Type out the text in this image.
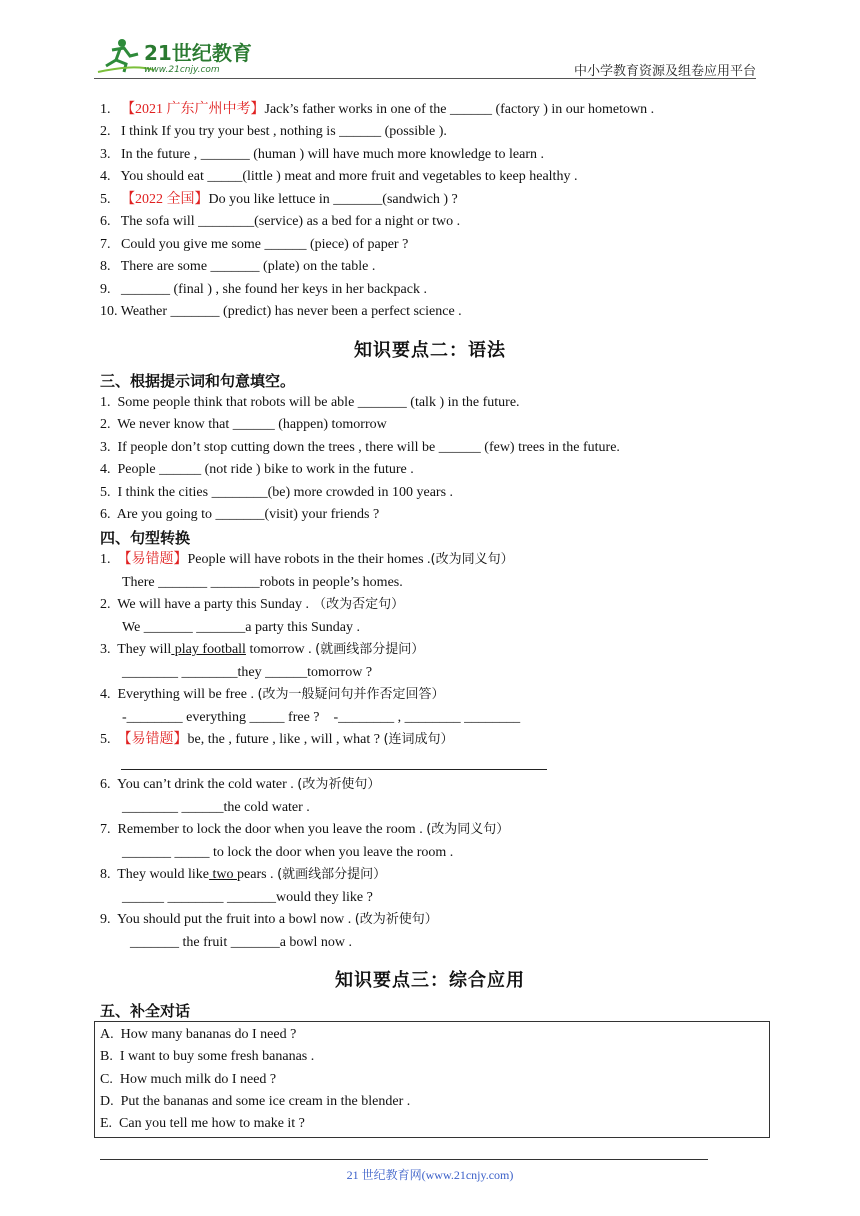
21世纪教育
www.21cnjy.com	中小学教育资源及组卷应用平台
1. 【2021 广东广州中考】Jack’s father works in one of the ______ (factory ) in our hometown .
2. I think If you try your best , nothing is ______ (possible ).
3. In the future , _______ (human ) will have much more knowledge to learn .
4. You should eat _____(little ) meat and more fruit and vegetables to keep healthy .
5. 【2022 全国】Do you like lettuce in _______(sandwich ) ?
6. The sofa will ________(service) as a bed for a night or two .
7. Could you give me some ______ (piece) of paper ?
8. There are some _______ (plate) on the table .
9. _______ (final ) , she found her keys in her backpack .
10. Weather _______ (predict) has never been a perfect science .
知识要点二：语法
三、根据提示词和句意填空。
1. Some people think that robots will be able _______ (talk ) in the future.
2. We never know that ______ (happen) tomorrow
3. If people don’t stop cutting down the trees , there will be ______ (few) trees in the future.
4. People ______ (not ride ) bike to work in the future .
5. I think the cities ________(be) more crowded in 100 years .
6. Are you going to _______(visit) your friends ?
四、句型转换
1. 【易错题】People will have robots in the their homes .(改为同义句）
There _______ _______robots in people’s homes.
2. We will have a party this Sunday . （改为否定句）
We _______ _______a party this Sunday .
3. They will play football tomorrow . (就画线部分提问）
________ ________they ______tomorrow ?
4. Everything will be free . (改为一般疑问句并作否定回答）
-________ everything _____ free ?    -________ , ________ ________
5. 【易错题】be, the , future , like , will , what ? (连词成句）
6. You can’t drink the cold water . (改为祈使句）
________ ______the cold water .
7. Remember to lock the door when you leave the room . (改为同义句）
_______ _____ to lock the door when you leave the room .
8. They would like two pears . (就画线部分提问）
______ ________ _______would they like ?
9. You should put the fruit into a bowl now . (改为祈使句）
_______ the fruit _______a bowl now .
知识要点三：综合应用
五、补全对话
A.  How many bananas do I need ?
B.  I want to buy some fresh bananas .
C.  How much milk do I need ?
D.  Put the bananas and some ice cream in the blender .
E.  Can you tell me how to make it ?
21 世纪教育网(www.21cnjy.com)
